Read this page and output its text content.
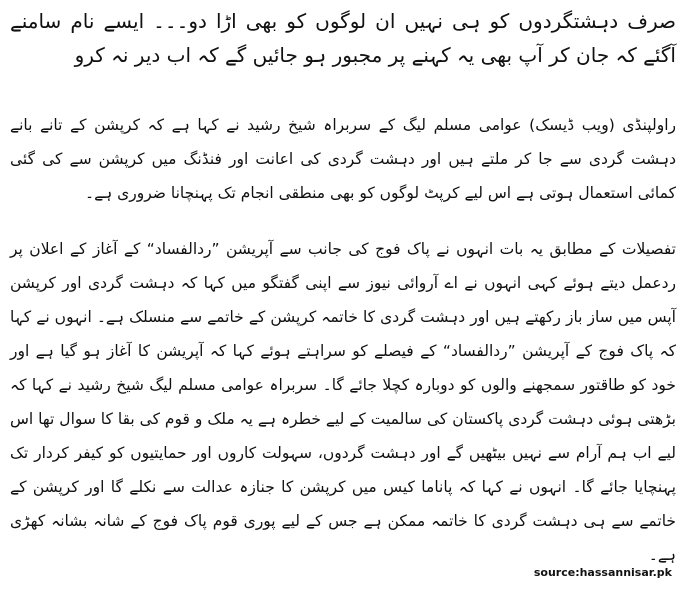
صرف دہشتگردوں کو ہی نہیں ان لوگوں کو بھی اڑا دو۔۔۔ ایسے نام سامنے آگئے کہ جان کر آپ بھی یہ کہنے پر مجبور ہو جائیں گے کہ اب دیر نہ کرو

راولپنڈی (ویب ڈیسک) عوامی مسلم لیگ کے سربراہ شیخ رشید نے کہا ہے کہ کرپشن کے تانے بانے دہشت گردی سے جا کر ملتے ہیں اور دہشت گردی کی اعانت اور فنڈنگ میں کرپشن سے کی گئی کمائی استعمال ہوتی ہے اس لیے کرپٹ لوگوں کو بھی منطقی انجام تک پہنچانا ضروری ہے۔

تفصیلات کے مطابق یہ بات انہوں نے پاک فوج کی جانب سے آپریشن ”ردالفساد“ کے آغاز کے اعلان پر ردعمل دیتے ہوئے کہی انہوں نے اے آروائی نیوز سے اپنی گفتگو میں کہا کہ دہشت گردی اور کرپشن آپس میں ساز باز رکھتے ہیں اور دہشت گردی کا خاتمہ کرپشن کے خاتمے سے منسلک ہے۔ انہوں نے کہا کہ پاک فوج کے آپریشن ”ردالفساد“ کے فیصلے کو سراہتے ہوئے کہا کہ آپریشن کا آغاز ہو گیا ہے اور خود کو طاقتور سمجھنے والوں کو دوبارہ کچلا جائے گا۔ سربراہ عوامی مسلم لیگ شیخ رشید نے کہا کہ بڑھتی ہوئی دہشت گردی پاکستان کی سالمیت کے لیے خطرہ ہے یہ ملک و قوم کی بقا کا سوال تھا اس لیے اب ہم آرام سے نہیں بیٹھیں گے اور دہشت گردوں، سہولت کاروں اور حمایتیوں کو کیفر کردار تک پہنچایا جائے گا۔ انہوں نے کہا کہ پاناما کیس میں کرپشن کا جنازہ عدالت سے نکلے گا اور کرپشن کے خاتمے سے ہی دہشت گردی کا خاتمہ ممکن ہے جس کے لیے پوری قوم پاک فوج کے شانہ بشانہ کھڑی ہے۔

source:hassannisar.pk
